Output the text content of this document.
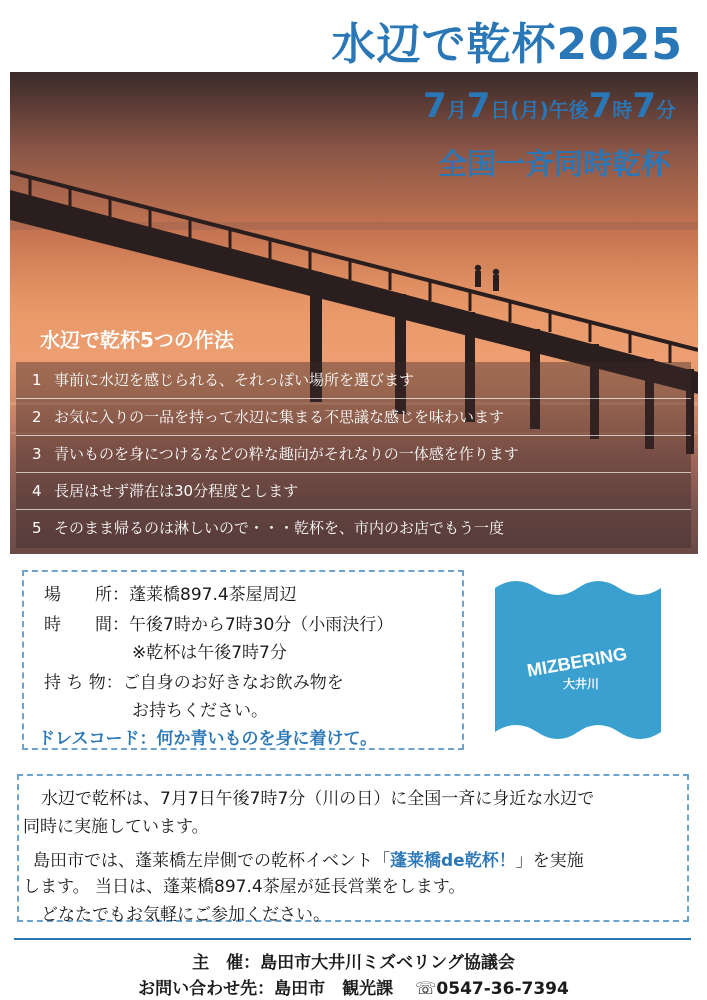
水辺で乾杯2025
7月7日(月)午後7時7分
全国一斉同時乾杯
水辺で乾杯5つの作法
1 事前に水辺を感じられる、それっぽい場所を選びます
2 お気に入りの一品を持って水辺に集まる不思議な感じを味わいます
3 青いものを身につけるなどの粋な趣向がそれなりの一体感を作ります
4 長居はせず滞在は30分程度とします
5 そのまま帰るのは淋しいので・・・乾杯を、市内のお店でもう一度
場　　所：蓬莱橋897.4茶屋周辺
時　　間：午後7時から7時30分（小雨決行）
※乾杯は午後7時7分
持 ち 物：ご自身のお好きなお飲み物を
お持ちください。
ドレスコード：何か青いものを身に着けて。
MIZBERING
大井川

水辺で乾杯は、7月7日午後7時7分（川の日）に全国一斉に身近な水辺で

同時に実施しています。

島田市では、蓬莱橋左岸側での乾杯イベント「蓬莱橋de乾杯！」を実施

します。 当日は、蓬莱橋897.4茶屋が延長営業をします。

どなたでもお気軽にご参加ください。

主　催：島田市大井川ミズベリング協議会
お問い合わせ先：島田市　観光課 ☏0547-36-7394
